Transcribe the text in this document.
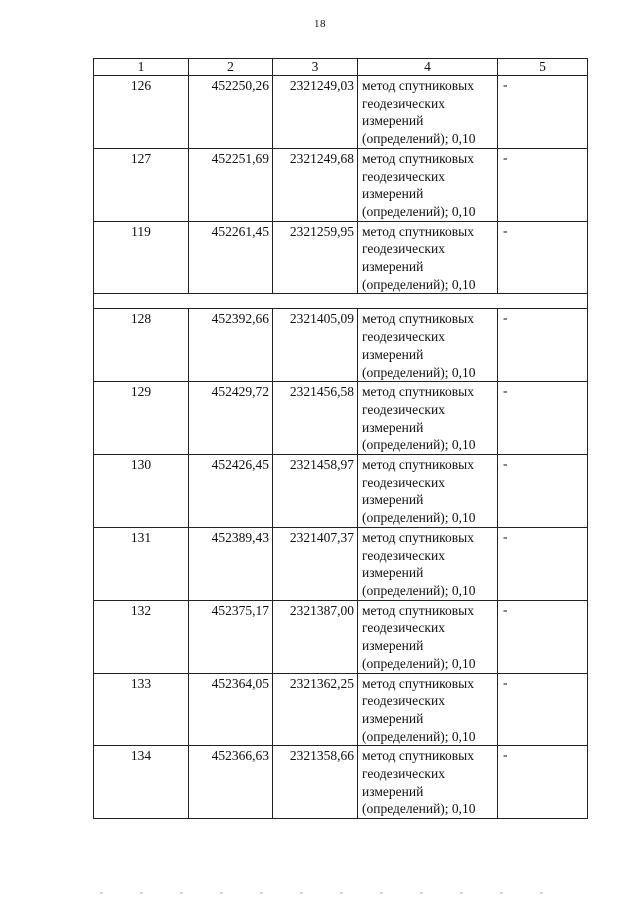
18
1	2	3	4	5
126	452250,26	2321249,03	метод спутниковых
геодезических
измерений
(определений); 0,10	-
127	452251,69	2321249,68	метод спутниковых
геодезических
измерений
(определений); 0,10	-
119	452261,45	2321259,95	метод спутниковых
геодезических
измерений
(определений); 0,10	-

128	452392,66	2321405,09	метод спутниковых
геодезических
измерений
(определений); 0,10	-
129	452429,72	2321456,58	метод спутниковых
геодезических
измерений
(определений); 0,10	-
130	452426,45	2321458,97	метод спутниковых
геодезических
измерений
(определений); 0,10	-
131	452389,43	2321407,37	метод спутниковых
геодезических
измерений
(определений); 0,10	-
132	452375,17	2321387,00	метод спутниковых
геодезических
измерений
(определений); 0,10	-
133	452364,05	2321362,25	метод спутниковых
геодезических
измерений
(определений); 0,10	-
134	452366,63	2321358,66	метод спутниковых
геодезических
измерений
(определений); 0,10	-
